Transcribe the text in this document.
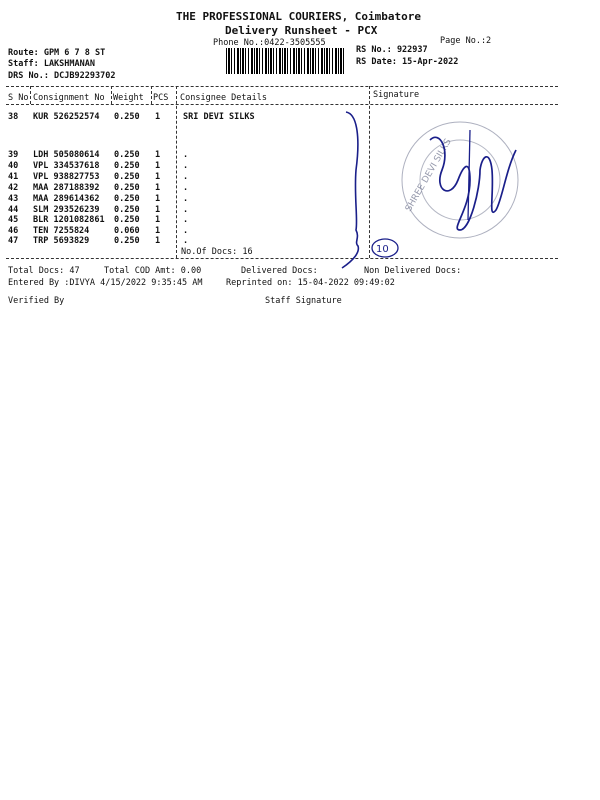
THE PROFESSIONAL COURIERS, Coimbatore
Delivery Runsheet - PCX
Phone No.:0422-3505555	Page No.:2
Route: GPM 6 7 8 ST
Staff: LAKSHMANAN
DRS No.: DCJB92293702
RS No.: 922937
RS Date: 15-Apr-2022
S No Consignment No Weight PCS Consignee Details	Signature
38 KUR 526252574 0.250 1	SRI DEVI SILKS
39 LDH 505080614 0.250 1	.
40 VPL 334537618 0.250 1	.
41 VPL 938827753 0.250 1	.
42 MAA 287188392 0.250 1	.
43 MAA 289614362 0.250 1	.
44 SLM 293526239 0.250 1	.
45 BLR 1201082861 0.250 1	.
46 TEN 7255824	0.060 1	.
47 TRP 5693829	0.250 1	.
No.Of Docs: 16	10
SHREE DEVI SILKS
Total Docs: 47	Total COD Amt: 0.00	Delivered Docs:	Non Delivered Docs:
Entered By :DIVYA 4/15/2022 9:35:45 AM	Reprinted on: 15-04-2022 09:49:02
Verified By	Staff Signature
